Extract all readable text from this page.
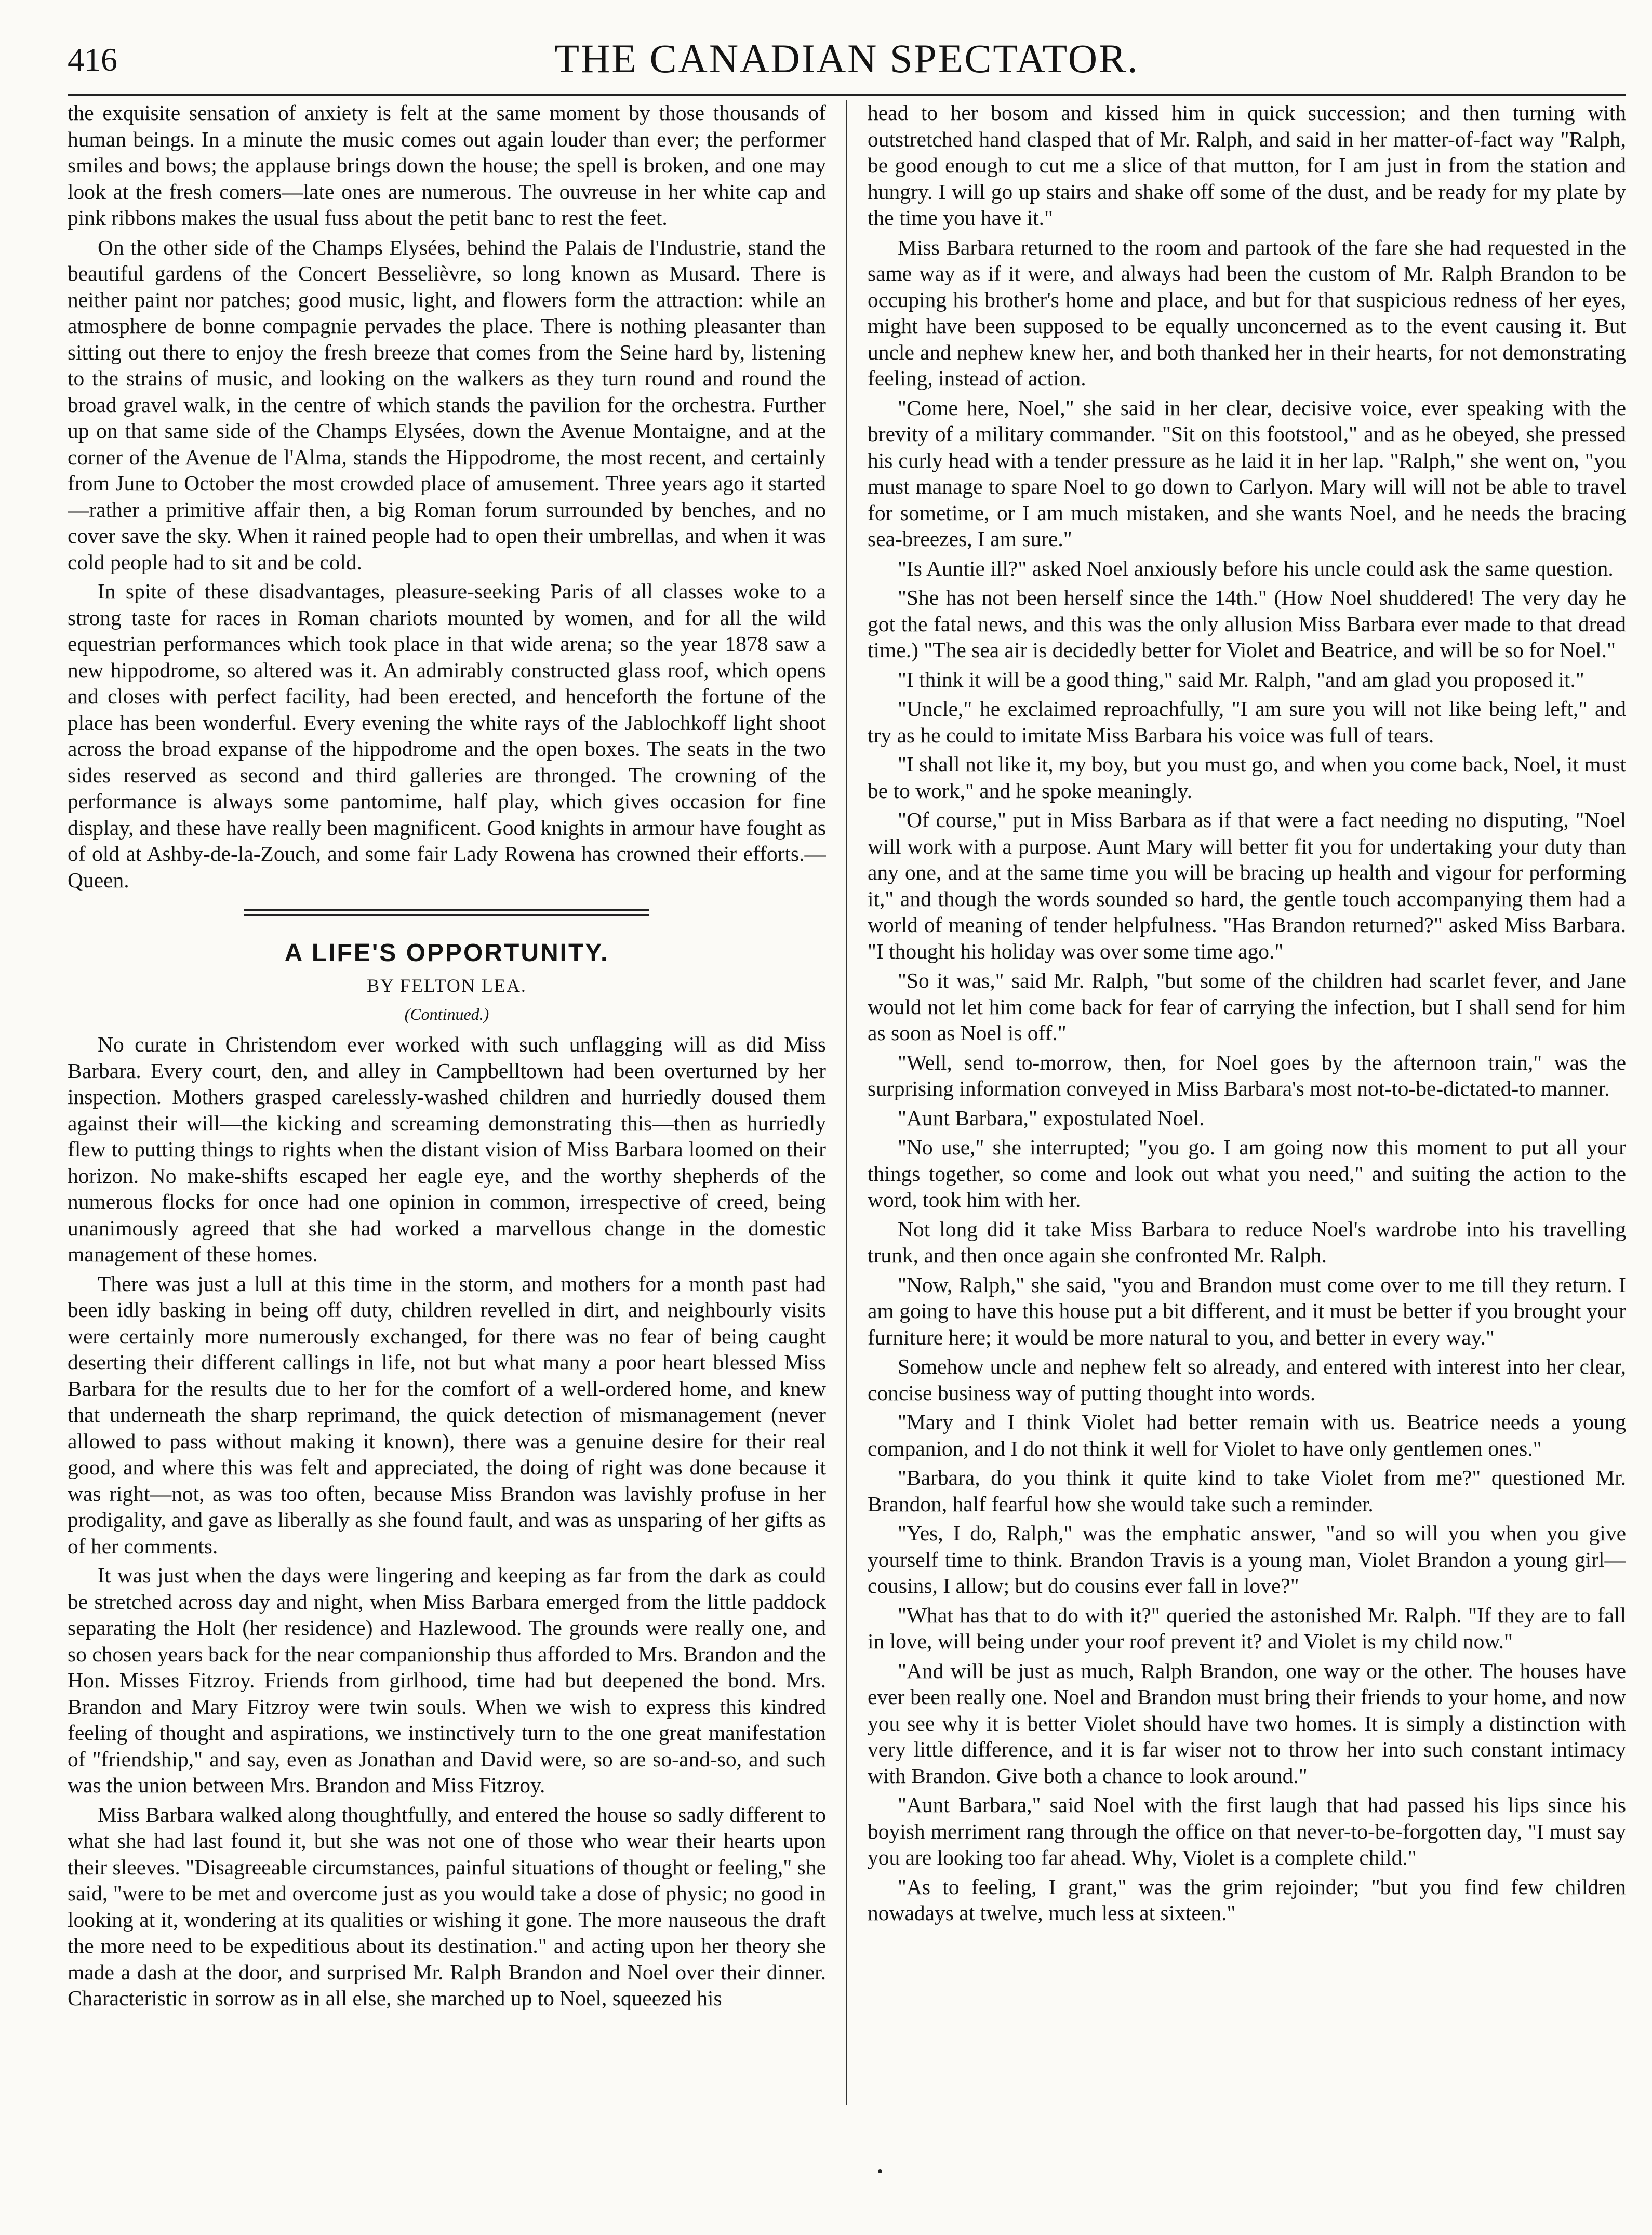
416	THE CANADIAN SPECTATOR.

the exquisite sensation of anxiety is felt at the same moment by those thousands of human beings. In a minute the music comes out again louder than ever; the performer smiles and bows; the applause brings down the house; the spell is broken, and one may look at the fresh comers—late ones are numerous. The ouvreuse in her white cap and pink ribbons makes the usual fuss about the petit banc to rest the feet.

On the other side of the Champs Elysées, behind the Palais de l'Industrie, stand the beautiful gardens of the Concert Besselièvre, so long known as Musard. There is neither paint nor patches; good music, light, and flowers form the attraction: while an atmosphere de bonne compagnie pervades the place. There is nothing pleasanter than sitting out there to enjoy the fresh breeze that comes from the Seine hard by, listening to the strains of music, and looking on the walkers as they turn round and round the broad gravel walk, in the centre of which stands the pavilion for the orchestra. Further up on that same side of the Champs Elysées, down the Avenue Montaigne, and at the corner of the Avenue de l'Alma, stands the Hippodrome, the most recent, and certainly from June to October the most crowded place of amusement. Three years ago it started—rather a primitive affair then, a big Roman forum surrounded by benches, and no cover save the sky. When it rained people had to open their umbrellas, and when it was cold people had to sit and be cold.

In spite of these disadvantages, pleasure-seeking Paris of all classes woke to a strong taste for races in Roman chariots mounted by women, and for all the wild equestrian performances which took place in that wide arena; so the year 1878 saw a new hippodrome, so altered was it. An admirably constructed glass roof, which opens and closes with perfect facility, had been erected, and henceforth the fortune of the place has been wonderful. Every evening the white rays of the Jablochkoff light shoot across the broad expanse of the hippodrome and the open boxes. The seats in the two sides reserved as second and third galleries are thronged. The crowning of the performance is always some pantomime, half play, which gives occasion for fine display, and these have really been magnificent. Good knights in armour have fought as of old at Ashby-de-la-Zouch, and some fair Lady Rowena has crowned their efforts.—Queen.

A LIFE'S OPPORTUNITY.
BY FELTON LEA.
(Continued.)

No curate in Christendom ever worked with such unflagging will as did Miss Barbara. Every court, den, and alley in Campbelltown had been overturned by her inspection. Mothers grasped carelessly-washed children and hurriedly doused them against their will—the kicking and screaming demonstrating this—then as hurriedly flew to putting things to rights when the distant vision of Miss Barbara loomed on their horizon. No make-shifts escaped her eagle eye, and the worthy shepherds of the numerous flocks for once had one opinion in common, irrespective of creed, being unanimously agreed that she had worked a marvellous change in the domestic management of these homes.

There was just a lull at this time in the storm, and mothers for a month past had been idly basking in being off duty, children revelled in dirt, and neighbourly visits were certainly more numerously exchanged, for there was no fear of being caught deserting their different callings in life, not but what many a poor heart blessed Miss Barbara for the results due to her for the comfort of a well-ordered home, and knew that underneath the sharp reprimand, the quick detection of mismanagement (never allowed to pass without making it known), there was a genuine desire for their real good, and where this was felt and appreciated, the doing of right was done because it was right—not, as was too often, because Miss Brandon was lavishly profuse in her prodigality, and gave as liberally as she found fault, and was as unsparing of her gifts as of her comments.

It was just when the days were lingering and keeping as far from the dark as could be stretched across day and night, when Miss Barbara emerged from the little paddock separating the Holt (her residence) and Hazlewood. The grounds were really one, and so chosen years back for the near companionship thus afforded to Mrs. Brandon and the Hon. Misses Fitzroy. Friends from girlhood, time had but deepened the bond. Mrs. Brandon and Mary Fitzroy were twin souls. When we wish to express this kindred feeling of thought and aspirations, we instinctively turn to the one great manifestation of "friendship," and say, even as Jonathan and David were, so are so-and-so, and such was the union between Mrs. Brandon and Miss Fitzroy.

Miss Barbara walked along thoughtfully, and entered the house so sadly different to what she had last found it, but she was not one of those who wear their hearts upon their sleeves. "Disagreeable circumstances, painful situations of thought or feeling," she said, "were to be met and overcome just as you would take a dose of physic; no good in looking at it, wondering at its qualities or wishing it gone. The more nauseous the draft the more need to be expeditious about its destination." and acting upon her theory she made a dash at the door, and surprised Mr. Ralph Brandon and Noel over their dinner. Characteristic in sorrow as in all else, she marched up to Noel, squeezed his

head to her bosom and kissed him in quick succession; and then turning with outstretched hand clasped that of Mr. Ralph, and said in her matter-of-fact way "Ralph, be good enough to cut me a slice of that mutton, for I am just in from the station and hungry. I will go up stairs and shake off some of the dust, and be ready for my plate by the time you have it."

Miss Barbara returned to the room and partook of the fare she had requested in the same way as if it were, and always had been the custom of Mr. Ralph Brandon to be occuping his brother's home and place, and but for that suspicious redness of her eyes, might have been supposed to be equally unconcerned as to the event causing it. But uncle and nephew knew her, and both thanked her in their hearts, for not demonstrating feeling, instead of action.

"Come here, Noel," she said in her clear, decisive voice, ever speaking with the brevity of a military commander. "Sit on this footstool," and as he obeyed, she pressed his curly head with a tender pressure as he laid it in her lap. "Ralph," she went on, "you must manage to spare Noel to go down to Carlyon. Mary will will not be able to travel for sometime, or I am much mistaken, and she wants Noel, and he needs the bracing sea-breezes, I am sure."

"Is Auntie ill?" asked Noel anxiously before his uncle could ask the same question.

"She has not been herself since the 14th." (How Noel shuddered! The very day he got the fatal news, and this was the only allusion Miss Barbara ever made to that dread time.) "The sea air is decidedly better for Violet and Beatrice, and will be so for Noel."

"I think it will be a good thing," said Mr. Ralph, "and am glad you proposed it."

"Uncle," he exclaimed reproachfully, "I am sure you will not like being left," and try as he could to imitate Miss Barbara his voice was full of tears.

"I shall not like it, my boy, but you must go, and when you come back, Noel, it must be to work," and he spoke meaningly.

"Of course," put in Miss Barbara as if that were a fact needing no disputing, "Noel will work with a purpose. Aunt Mary will better fit you for undertaking your duty than any one, and at the same time you will be bracing up health and vigour for performing it," and though the words sounded so hard, the gentle touch accompanying them had a world of meaning of tender helpfulness. "Has Brandon returned?" asked Miss Barbara. "I thought his holiday was over some time ago."

"So it was," said Mr. Ralph, "but some of the children had scarlet fever, and Jane would not let him come back for fear of carrying the infection, but I shall send for him as soon as Noel is off."

"Well, send to-morrow, then, for Noel goes by the afternoon train," was the surprising information conveyed in Miss Barbara's most not-to-be-dictated-to manner.

"Aunt Barbara," expostulated Noel.

"No use," she interrupted; "you go. I am going now this moment to put all your things together, so come and look out what you need," and suiting the action to the word, took him with her.

Not long did it take Miss Barbara to reduce Noel's wardrobe into his travelling trunk, and then once again she confronted Mr. Ralph.

"Now, Ralph," she said, "you and Brandon must come over to me till they return. I am going to have this house put a bit different, and it must be better if you brought your furniture here; it would be more natural to you, and better in every way."

Somehow uncle and nephew felt so already, and entered with interest into her clear, concise business way of putting thought into words.

"Mary and I think Violet had better remain with us. Beatrice needs a young companion, and I do not think it well for Violet to have only gentlemen ones."

"Barbara, do you think it quite kind to take Violet from me?" questioned Mr. Brandon, half fearful how she would take such a reminder.

"Yes, I do, Ralph," was the emphatic answer, "and so will you when you give yourself time to think. Brandon Travis is a young man, Violet Brandon a young girl—cousins, I allow; but do cousins ever fall in love?"

"What has that to do with it?" queried the astonished Mr. Ralph. "If they are to fall in love, will being under your roof prevent it? and Violet is my child now."

"And will be just as much, Ralph Brandon, one way or the other. The houses have ever been really one. Noel and Brandon must bring their friends to your home, and now you see why it is better Violet should have two homes. It is simply a distinction with very little difference, and it is far wiser not to throw her into such constant intimacy with Brandon. Give both a chance to look around."

"Aunt Barbara," said Noel with the first laugh that had passed his lips since his boyish merriment rang through the office on that never-to-be-forgotten day, "I must say you are looking too far ahead. Why, Violet is a complete child."

"As to feeling, I grant," was the grim rejoinder; "but you find few children nowadays at twelve, much less at sixteen."
